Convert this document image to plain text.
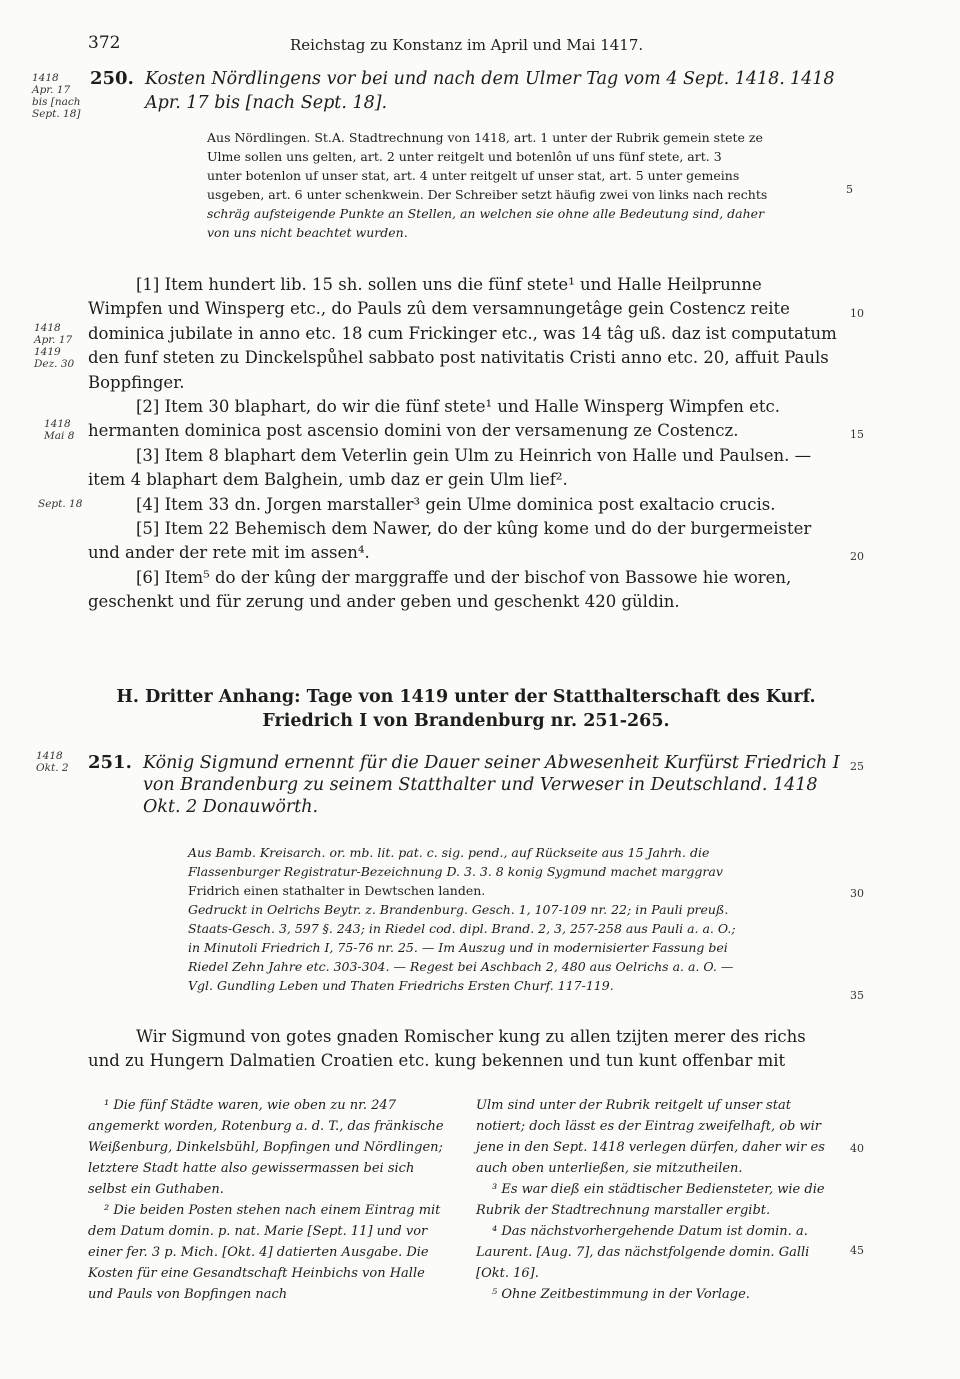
372	Reichstag zu Konstanz im April und Mai 1417.
1418
Apr. 17
bis [nach
Sept. 18]
250. Kosten Nördlingens vor bei und nach dem Ulmer Tag vom 4 Sept. 1418. 1418
Apr. 17 bis [nach Sept. 18].
Aus Nördlingen. St.A. Stadtrechnung von 1418, art. 1 unter der Rubrik gemein stete ze
Ulme sollen uns gelten, art. 2 unter reitgelt und botenlôn uf uns fünf stete, art. 3
unter botenlon uf unser stat, art. 4 unter reitgelt uf unser stat, art. 5 unter gemeins
usgeben, art. 6 unter schenkwein. Der Schreiber setzt häufig zwei von links nach rechts
schräg aufsteigende Punkte an Stellen, an welchen sie ohne alle Bedeutung sind, daher
von uns nicht beachtet wurden.

[1] Item hundert lib. 15 sh. sollen uns die fünf stete¹ und Halle Heilprunne Wimpfen und Winsperg etc., do Pauls zû dem versamnungetâge gein Costencz reite dominica jubilate in anno etc. 18 cum Frickinger etc., was 14 tâg uß. daz ist computatum den funf steten zu Dinckelspůhel sabbato post nativitatis Cristi anno etc. 20, affuit Pauls Boppfinger.

[2] Item 30 blaphart, do wir die fünf stete¹ und Halle Winsperg Wimpfen etc. hermanten dominica post ascensio domini von der versamenung ze Costencz.

[3] Item 8 blaphart dem Veterlin gein Ulm zu Heinrich von Halle und Paulsen. — item 4 blaphart dem Balghein, umb daz er gein Ulm lief².

[4] Item 33 dn. Jorgen marstaller³ gein Ulme dominica post exaltacio crucis.

[5] Item 22 Behemisch dem Nawer, do der kûng kome und do der burgermeister und ander der rete mit im assen⁴.

[6] Item⁵ do der kûng der marggraffe und der bischof von Bassowe hie woren, geschenkt und für zerung und ander geben und geschenkt 420 güldin.

1418
Apr. 17
1419
Dez. 30
1418
Mai 8
Sept. 18
5
10
15
20
25
30
35
40
45
H. Dritter Anhang: Tage von 1419 unter der Statthalterschaft des Kurf. Friedrich I von Brandenburg nr. 251-265.
1418
Okt. 2	251. König Sigmund ernennt für die Dauer seiner Abwesenheit Kurfürst Friedrich I von Brandenburg zu seinem Statthalter und Verweser in Deutschland. 1418 Okt. 2 Donauwörth.
Aus Bamb. Kreisarch. or. mb. lit. pat. c. sig. pend., auf Rückseite aus 15 Jahrh. die
Flassenburger Registratur-Bezeichnung D. 3. 3. 8 konig Sygmund machet marggrav
Fridrich einen stathalter in Dewtschen landen.
Gedruckt in Oelrichs Beytr. z. Brandenburg. Gesch. 1, 107-109 nr. 22; in Pauli preuß.
Staats-Gesch. 3, 597 §. 243; in Riedel cod. dipl. Brand. 2, 3, 257-258 aus Pauli a. a. O.;
in Minutoli Friedrich I, 75-76 nr. 25. — Im Auszug und in modernisierter Fassung bei
Riedel Zehn Jahre etc. 303-304. — Regest bei Aschbach 2, 480 aus Oelrichs a. a. O. —
Vgl. Gundling Leben und Thaten Friedrichs Ersten Churf. 117-119.
Wir Sigmund von gotes gnaden Romischer kung zu allen tzijten merer des richs
und zu Hungern Dalmatien Croatien etc. kung bekennen und tun kunt offenbar mit

¹ Die fünf Städte waren, wie oben zu nr. 247 angemerkt worden, Rotenburg a. d. T., das fränkische Weißenburg, Dinkelsbühl, Bopfingen und Nördlingen; letztere Stadt hatte also gewissermassen bei sich selbst ein Guthaben.

² Die beiden Posten stehen nach einem Eintrag mit dem Datum domin. p. nat. Marie [Sept. 11] und vor einer fer. 3 p. Mich. [Okt. 4] datierten Ausgabe. Die Kosten für eine Gesandtschaft Heinbichs von Halle und Pauls von Bopfingen nach

Ulm sind unter der Rubrik reitgelt uf unser stat notiert; doch lässt es der Eintrag zweifelhaft, ob wir jene in den Sept. 1418 verlegen dürfen, daher wir es auch oben unterließen, sie mitzutheilen.

³ Es war dieß ein städtischer Bediensteter, wie die Rubrik der Stadtrechnung marstaller ergibt.

⁴ Das nächstvorhergehende Datum ist domin. a. Laurent. [Aug. 7], das nächstfolgende domin. Galli [Okt. 16].

⁵ Ohne Zeitbestimmung in der Vorlage.
